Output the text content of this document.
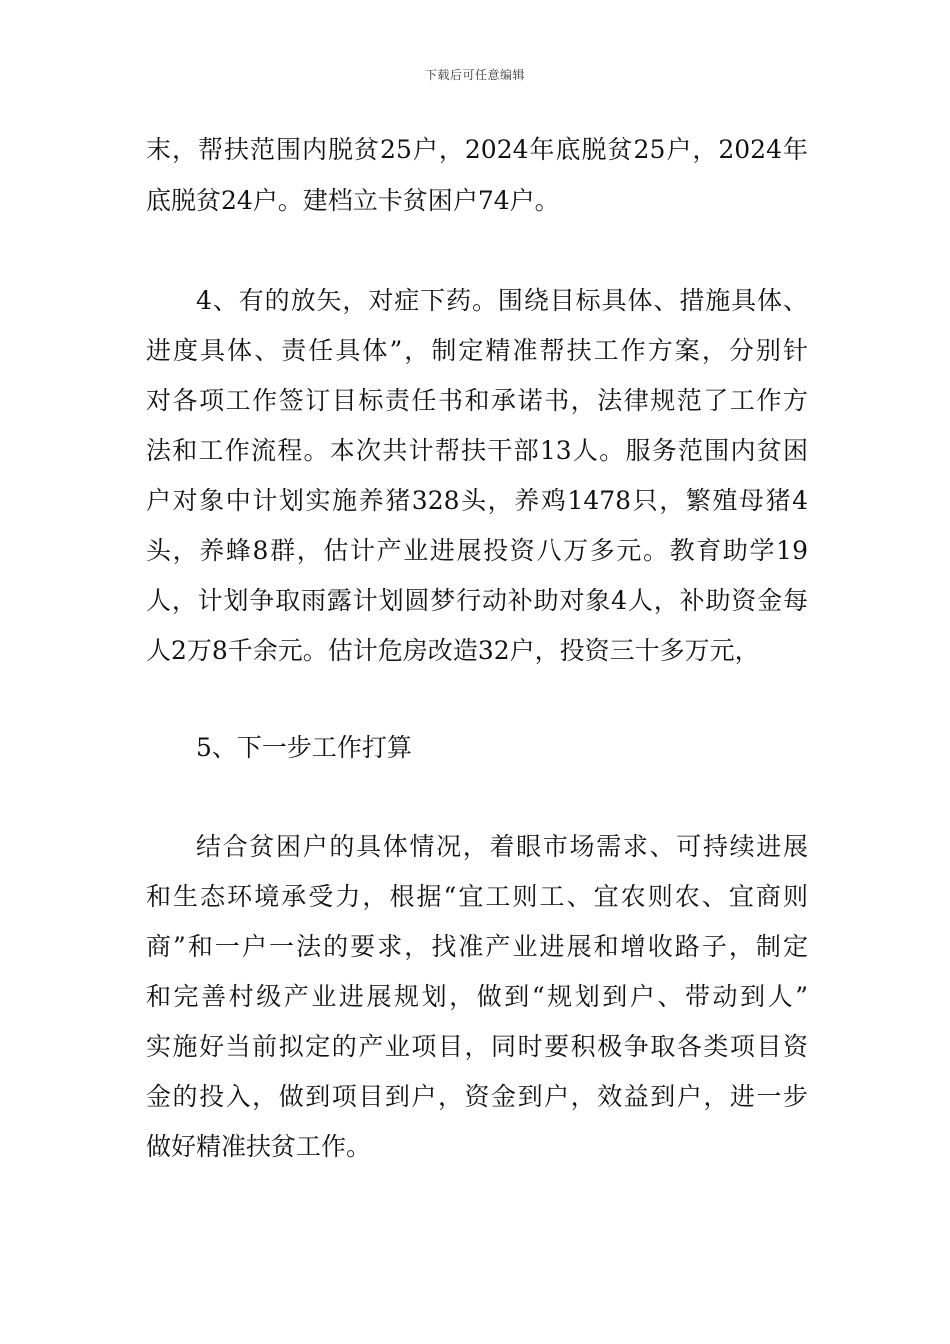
下载后可任意编辑
末，帮扶范围内脱贫25户，2024年底脱贫25户，2024年
底脱贫24户。建档立卡贫困户74户。
4、有的放矢，对症下药。围绕目标具体、措施具体、
进度具体、责任具体”，制定精准帮扶工作方案，分别针
对各项工作签订目标责任书和承诺书，法律规范了工作方
法和工作流程。本次共计帮扶干部13人。服务范围内贫困
户对象中计划实施养猪328头，养鸡1478只，繁殖母猪4
头，养蜂8群，估计产业进展投资八万多元。教育助学19
人，计划争取雨露计划圆梦行动补助对象4人，补助资金每
人2万8千余元。估计危房改造32户，投资三十多万元，
5、下一步工作打算
结合贫困户的具体情况，着眼市场需求、可持续进展
和生态环境承受力，根据“宜工则工、宜农则农、宜商则
商”和一户一法的要求，找准产业进展和增收路子，制定
和完善村级产业进展规划，做到“规划到户、带动到人”
实施好当前拟定的产业项目，同时要积极争取各类项目资
金的投入，做到项目到户，资金到户，效益到户，进一步
做好精准扶贫工作。
